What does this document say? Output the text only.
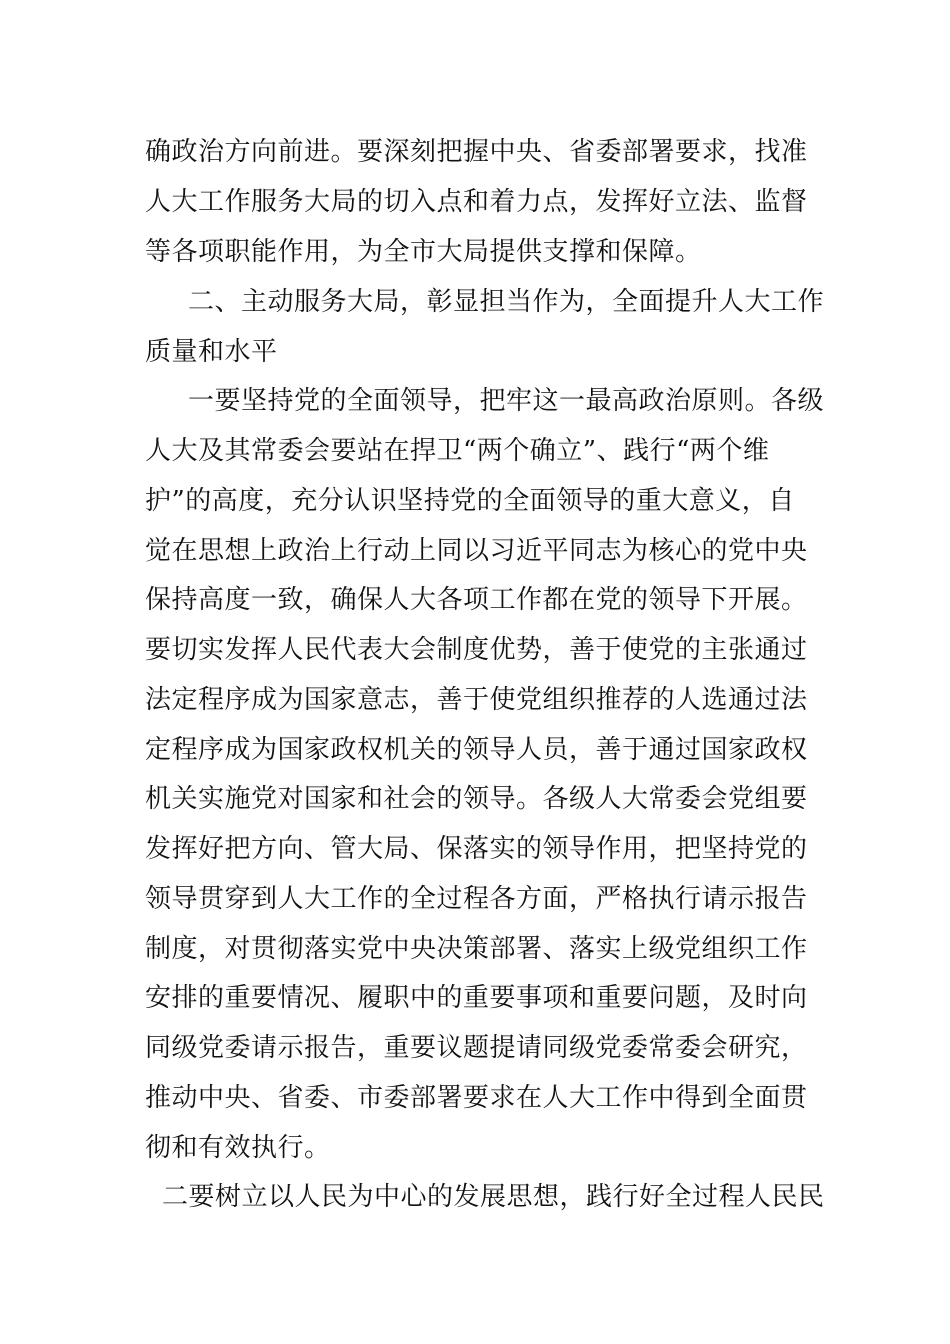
确政治方向前进。要深刻把握中央、省委部署要求，找准
人大工作服务大局的切入点和着力点，发挥好立法、监督
等各项职能作用，为全市大局提供支撑和保障。
二、主动服务大局，彰显担当作为，全面提升人大工作
质量和水平
一要坚持党的全面领导，把牢这一最高政治原则。各级
人大及其常委会要站在捍卫“两个确立”、践行“两个维
护”的高度，充分认识坚持党的全面领导的重大意义，自
觉在思想上政治上行动上同以习近平同志为核心的党中央
保持高度一致，确保人大各项工作都在党的领导下开展。
要切实发挥人民代表大会制度优势，善于使党的主张通过
法定程序成为国家意志，善于使党组织推荐的人选通过法
定程序成为国家政权机关的领导人员，善于通过国家政权
机关实施党对国家和社会的领导。各级人大常委会党组要
发挥好把方向、管大局、保落实的领导作用，把坚持党的
领导贯穿到人大工作的全过程各方面，严格执行请示报告
制度，对贯彻落实党中央决策部署、落实上级党组织工作
安排的重要情况、履职中的重要事项和重要问题，及时向
同级党委请示报告，重要议题提请同级党委常委会研究，
推动中央、省委、市委部署要求在人大工作中得到全面贯
彻和有效执行。
二要树立以人民为中心的发展思想，践行好全过程人民民
